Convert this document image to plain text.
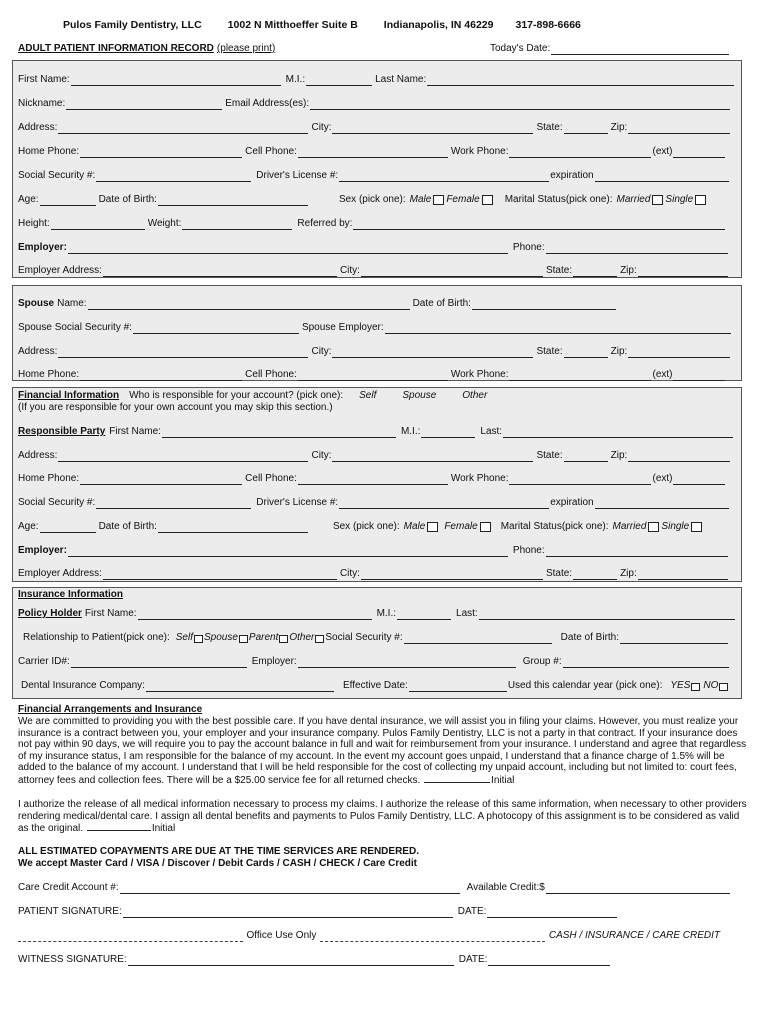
Pulos Family Dentistry, LLC 1002 N Mitthoeffer Suite B Indianapolis, IN 46229 317-898-6666
ADULT PATIENT INFORMATION RECORD (please print)	Today's Date:
First Name:	M.I.:	Last Name:
Nickname:	Email Address(es):
Address:	City:	State:	Zip:
Home Phone:	Cell Phone:	Work Phone:	(ext)
Social Security #:	Driver's License #:	expiration
Age:	Date of Birth:	Sex (pick one): Male Female	Marital Status(pick one): Married Single
Height:	Weight:	Referred by:
Employer:	Phone:
Employer Address:	City:	State:	Zip:
Spouse Name:	Date of Birth:
Spouse Social Security #:	Spouse Employer:
Address:	City:	State:	Zip:
Home Phone:	Cell Phone:	Work Phone:	(ext)
Financial Information Who is responsible for your account? (pick one): Self	Spouse	Other
(If you are responsible for your own account you may skip this section.)
Responsible Party First Name:	M.I.:	Last:
Address:	City:	State:	Zip:
Home Phone:	Cell Phone:	Work Phone:	(ext)
Social Security #:	Driver's License #:	expiration
Age:	Date of Birth:	Sex (pick one): Male Female Marital Status(pick one): Married Single
Employer:	Phone:
Employer Address:	City:	State:	Zip:
Insurance Information
Policy Holder First Name:	M.I.:	Last:
Relationship to Patient(pick one): Self Spouse Parent Other Social Security #:	Date of Birth:
Carrier ID#:	Employer:	Group #:
Dental Insurance Company:	Effective Date:	Used this calendar year (pick one): YES NO
Financial Arrangements and Insurance
We are committed to providing you with the best possible care. If you have dental insurance, we will assist you in filing your claims. However, you must realize your insurance is a contract between you, your employer and your insurance company. Pulos Family Dentistry, LLC is not a party in that contract. If your insurance does not pay within 90 days, we will require you to pay the account balance in full and wait for reimbursement from your insurance. I understand and agree that regardless of my insurance status, I am responsible for the balance of my account. In the event my account goes unpaid, I understand that a finance charge of 1.5% will be added to the balance of my account. I understand that I will be held responsible for the cost of collecting my unpaid account, including but not limited to: court fees, attorney fees and collection fees. There will be a $25.00 service fee for all returned checks.	Initial
I authorize the release of all medical information necessary to process my claims. I authorize the release of this same information, when necessary to other providers rendering medical/dental care. I assign all dental benefits and payments to Pulos Family Dentistry, LLC. A photocopy of this assignment is to be considered as valid as the original.	Initial
ALL ESTIMATED COPAYMENTS ARE DUE AT THE TIME SERVICES ARE RENDERED.
We accept Master Card / VISA / Discover / Debit Cards / CASH / CHECK / Care Credit
Care Credit Account #:	Available Credit:$
PATIENT SIGNATURE:	DATE:
Office Use Only	CASH / INSURANCE / CARE CREDIT
WITNESS SIGNATURE:	DATE:
